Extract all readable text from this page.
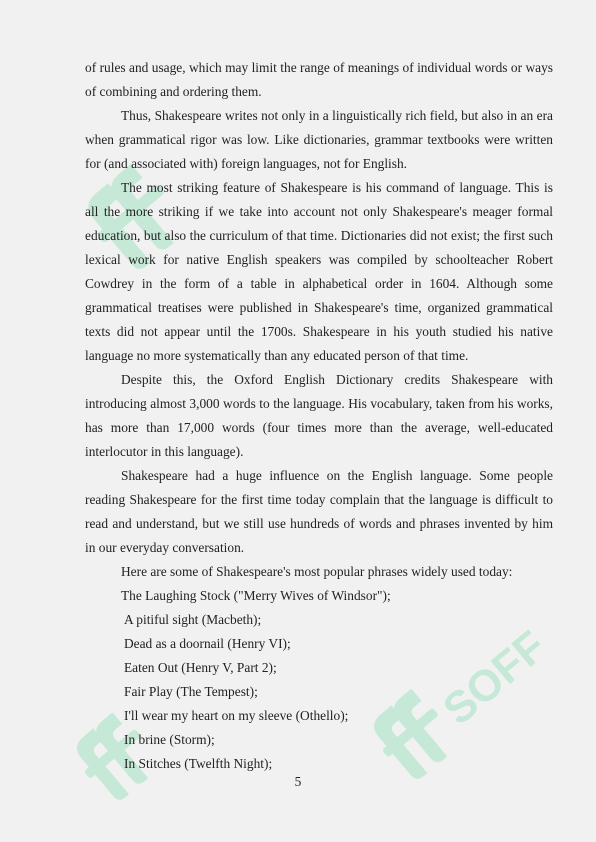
SOFF

of rules and usage, which may limit the range of meanings of individual words or ways of combining and ordering them.

Thus, Shakespeare writes not only in a linguistically rich field, but also in an era when grammatical rigor was low. Like dictionaries, grammar textbooks were written for (and associated with) foreign languages, not for English.

The most striking feature of Shakespeare is his command of language. This is all the more striking if we take into account not only Shakespeare's meager formal education, but also the curriculum of that time. Dictionaries did not exist; the first such lexical work for native English speakers was compiled by schoolteacher Robert Cowdrey in the form of a table in alphabetical order in 1604. Although some grammatical treatises were published in Shakespeare's time, organized grammatical texts did not appear until the 1700s. Shakespeare in his youth studied his native language no more systematically than any educated person of that time.

Despite this, the Oxford English Dictionary credits Shakespeare with introducing almost 3,000 words to the language. His vocabulary, taken from his works, has more than 17,000 words (four times more than the average, well-educated interlocutor in this language).

Shakespeare had a huge influence on the English language. Some people reading Shakespeare for the first time today complain that the language is difficult to read and understand, but we still use hundreds of words and phrases invented by him in our everyday conversation.

Here are some of Shakespeare's most popular phrases widely used today:

The Laughing Stock ("Merry Wives of Windsor");
A pitiful sight (Macbeth);
Dead as a doornail (Henry VI);
Eaten Out (Henry V, Part 2);
Fair Play (The Tempest);
I'll wear my heart on my sleeve (Othello);
In brine (Storm);
In Stitches (Twelfth Night);
5
